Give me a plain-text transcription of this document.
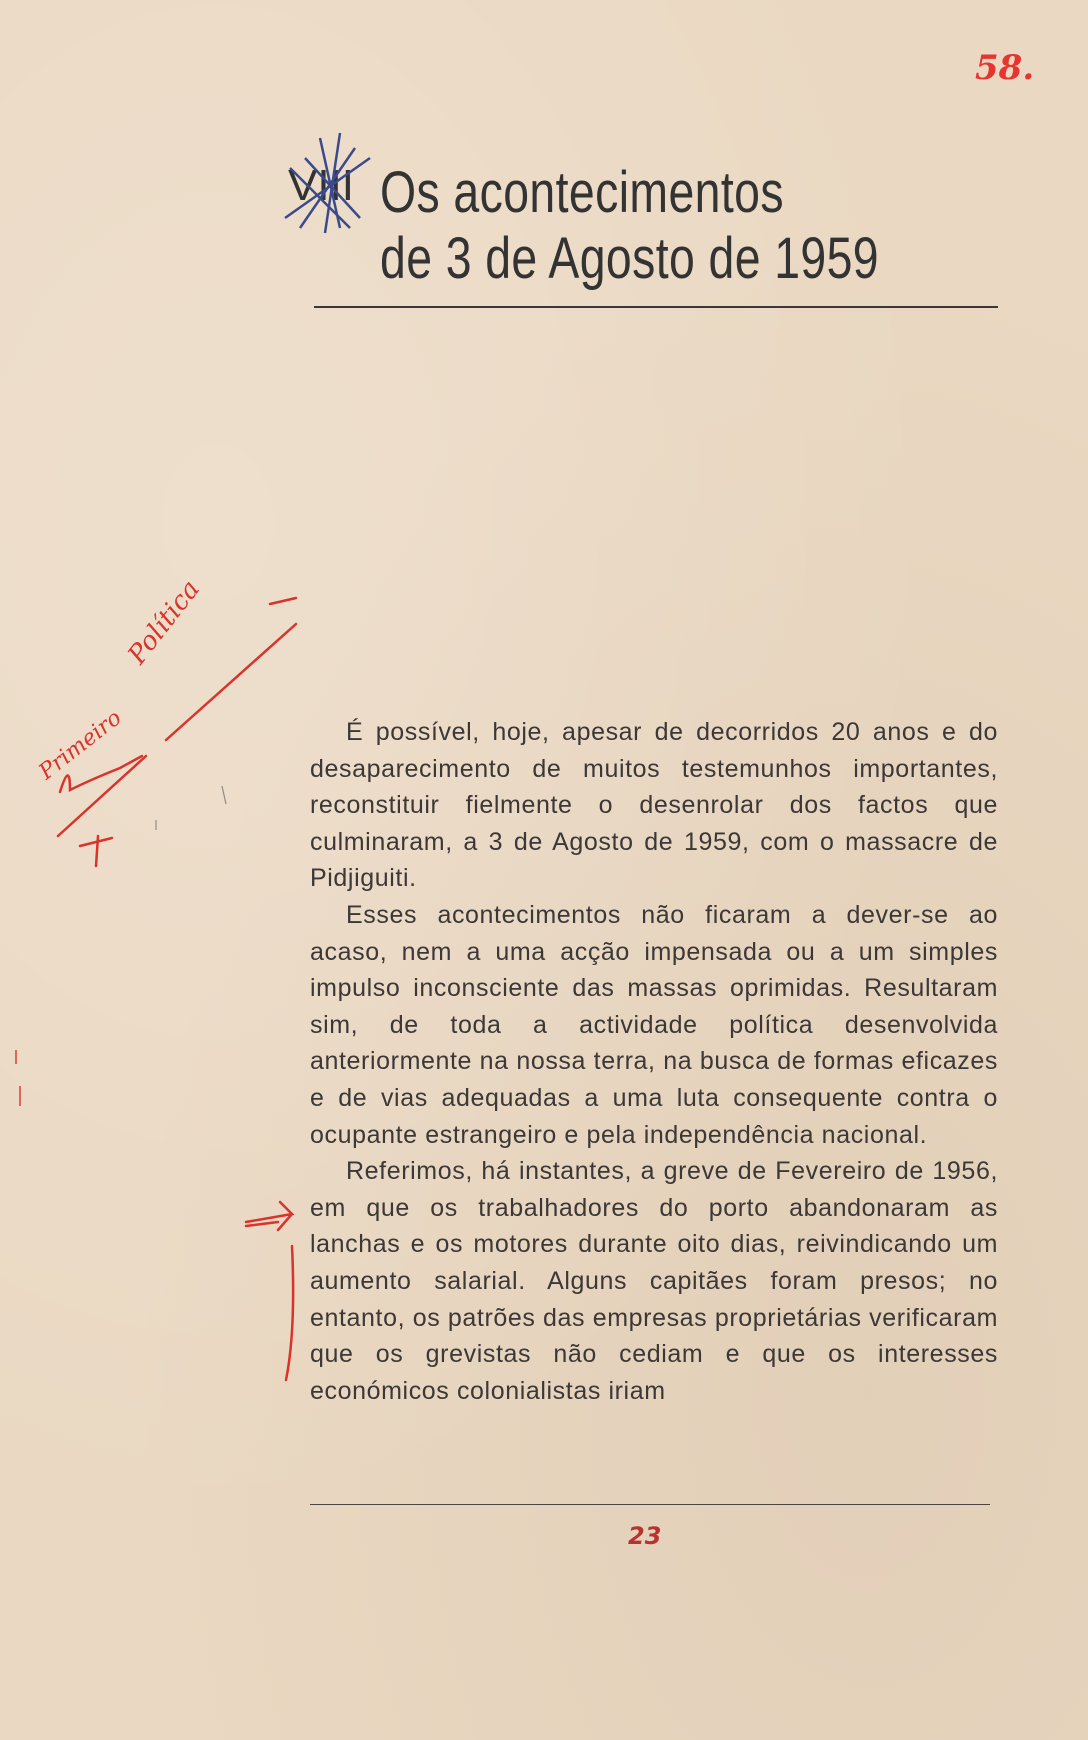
58.
VIII Os acontecimentos
de 3 de Agosto de 1959
Política
Primeiro	É possível, hoje, apesar de decorridos 20 anos e do desaparecimento de muitos testemunhos importantes, reconstituir fielmente o desenrolar dos factos que culminaram, a 3 de Agosto de 1959, com o massacre de Pidjiguiti.

Esses acontecimentos não ficaram a dever-se ao acaso, nem a uma acção impensada ou a um simples impulso inconsciente das massas oprimidas. Resultaram sim, de toda a actividade política desenvolvida anteriormente na nossa terra, na busca de formas eficazes e de vias adequadas a uma luta consequente contra o ocupante estrangeiro e pela independência nacional.

Referimos, há instantes, a greve de Fevereiro de 1956, em que os trabalhadores do porto abandonaram as lanchas e os motores durante oito dias, reivindicando um aumento salarial. Alguns capitães foram presos; no entanto, os patrões das empresas proprietárias verificaram que os grevistas não cediam e que os interesses económicos colonialistas iriam

23
